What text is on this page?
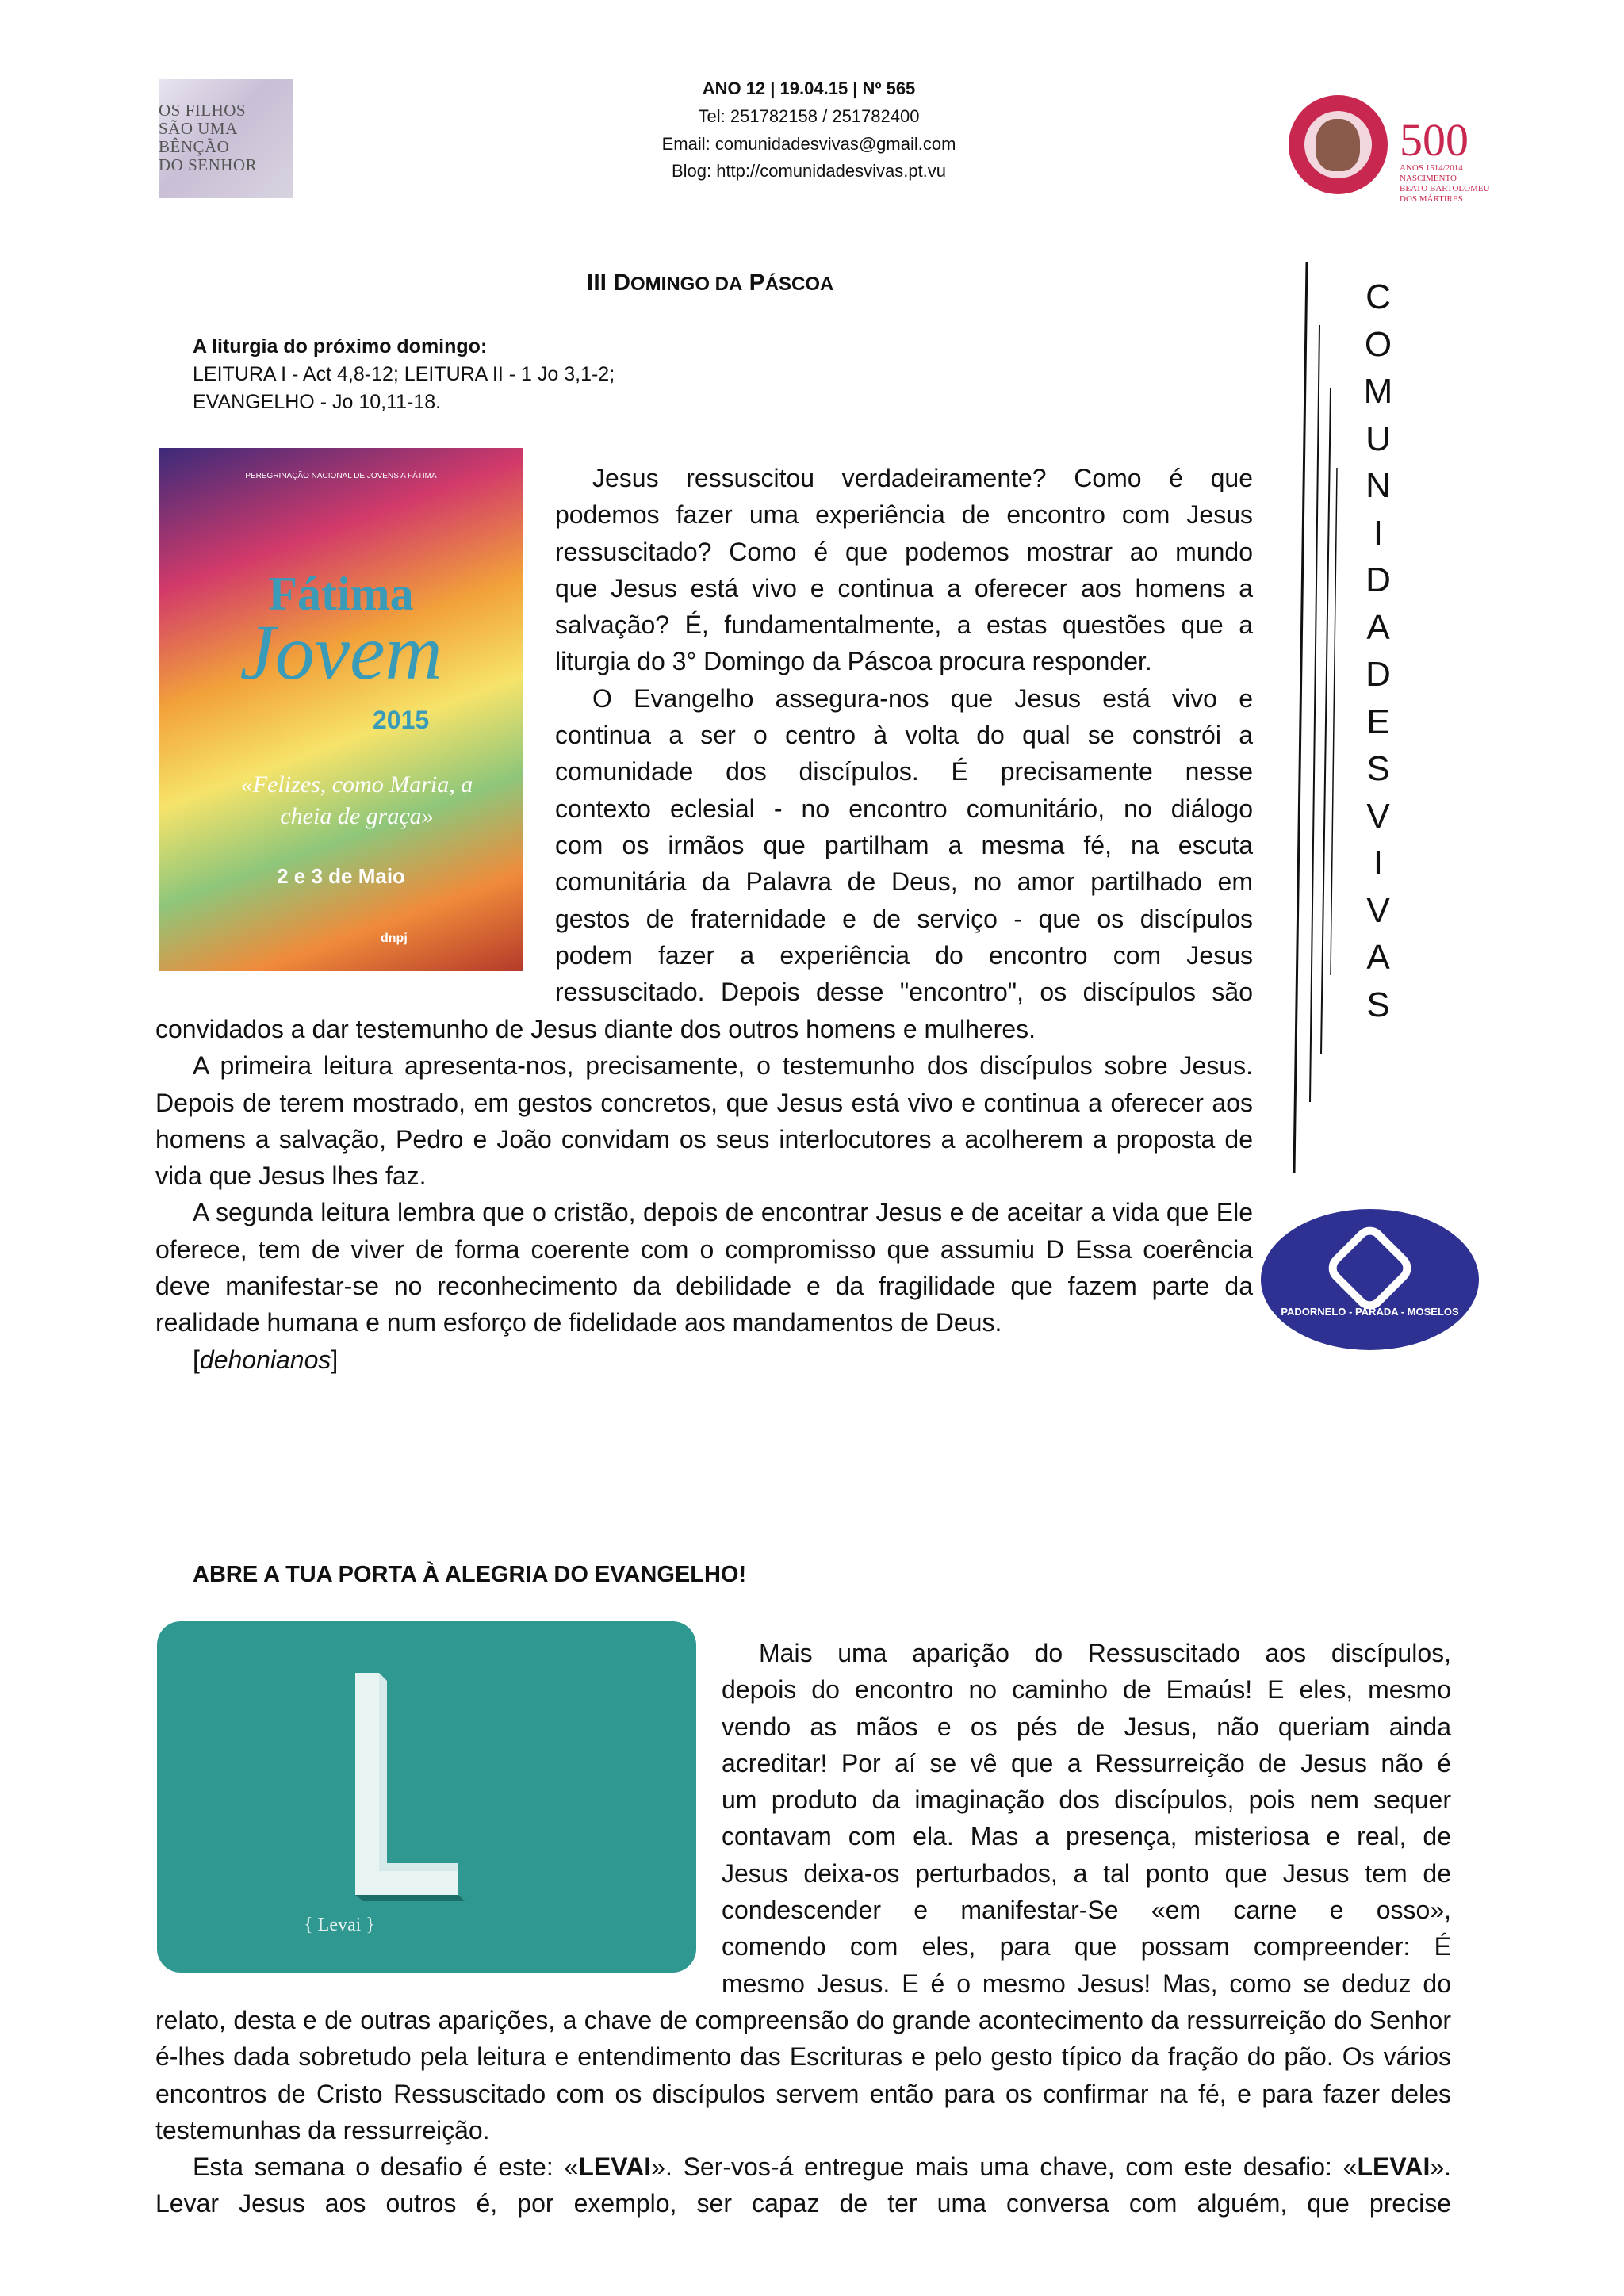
OS FILHOS
SÃO UMA
BÊNÇÃO
DO SENHOR
ANO 12 | 19.04.15 | Nº 565
Tel: 251782158 / 251782400
Email: comunidadesvivas@gmail.com
Blog: http://comunidadesvivas.pt.vu
500
ANOS 1514/2014
NASCIMENTO
BEATO BARTOLOMEU
DOS MÁRTIRES
III DOMINGO DA PÁSCOA
A liturgia do próximo domingo:
LEITURA I - Act 4,8-12; LEITURA II - 1 Jo 3,1-2;
EVANGELHO - Jo 10,11-18.
PEREGRINAÇÃO NACIONAL DE JOVENS A FÁTIMA
Fátima
Jovem
2015
«Felizes, como Maria, a cheia de graça»
2 e 3 de Maio
dnpj

Jesus ressuscitou verdadeiramente? Como é que

podemos fazer uma experiência de encontro com Jesus

ressuscitado? Como é que podemos mostrar ao mundo

que Jesus está vivo e continua a oferecer aos homens a

salvação? É, fundamentalmente, a estas questões que a

liturgia do 3° Domingo da Páscoa procura responder.

O Evangelho assegura-nos que Jesus está vivo e

continua a ser o centro à volta do qual se constrói a

comunidade dos discípulos. É precisamente nesse

contexto eclesial - no encontro comunitário, no diálogo

com os irmãos que partilham a mesma fé, na escuta

comunitária da Palavra de Deus, no amor partilhado em

gestos de fraternidade e de serviço - que os discípulos

podem fazer a experiência do encontro com Jesus

ressuscitado. Depois desse "encontro", os discípulos são

convidados a dar testemunho de Jesus diante dos outros homens e mulheres.

A primeira leitura apresenta-nos, precisamente, o testemunho dos discípulos sobre Jesus. Depois de terem mostrado, em gestos concretos, que Jesus está vivo e continua a oferecer aos homens a salvação, Pedro e João convidam os seus interlocutores a acolherem a proposta de vida que Jesus lhes faz.

A segunda leitura lembra que o cristão, depois de encontrar Jesus e de aceitar a vida que Ele oferece, tem de viver de forma coerente com o compromisso que assumiu D Essa coerência deve manifestar-se no reconhecimento da debilidade e da fragilidade que fazem parte da realidade humana e num esforço de fidelidade aos mandamentos de Deus.

[dehonianos]

C
O
M
U
N
I
D
A
D
E
S
V
I
V
A
S
PADORNELO - PARADA - MOSELOS
ABRE A TUA PORTA À ALEGRIA DO EVANGELHO!
{ Levai }

Mais uma aparição do Ressuscitado aos discípulos,

depois do encontro no caminho de Emaús! E eles, mesmo

vendo as mãos e os pés de Jesus, não queriam ainda

acreditar! Por aí se vê que a Ressurreição de Jesus não é

um produto da imaginação dos discípulos, pois nem sequer

contavam com ela. Mas a presença, misteriosa e real, de

Jesus deixa-os perturbados, a tal ponto que Jesus tem de

condescender e manifestar-Se «em carne e osso»,

comendo com eles, para que possam compreender: É

mesmo Jesus. E é o mesmo Jesus! Mas, como se deduz do

relato, desta e de outras aparições, a chave de compreensão do grande acontecimento da ressurreição do Senhor é-lhes dada sobretudo pela leitura e entendimento das Escrituras e pelo gesto típico da fração do pão. Os vários encontros de Cristo Ressuscitado com os discípulos servem então para os confirmar na fé, e para fazer deles testemunhas da ressurreição.

Esta semana o desafio é este: «LEVAI». Ser-vos-á entregue mais uma chave, com este desafio: «LEVAI». Levar Jesus aos outros é, por exemplo, ser capaz de ter uma conversa com alguém, que precise
